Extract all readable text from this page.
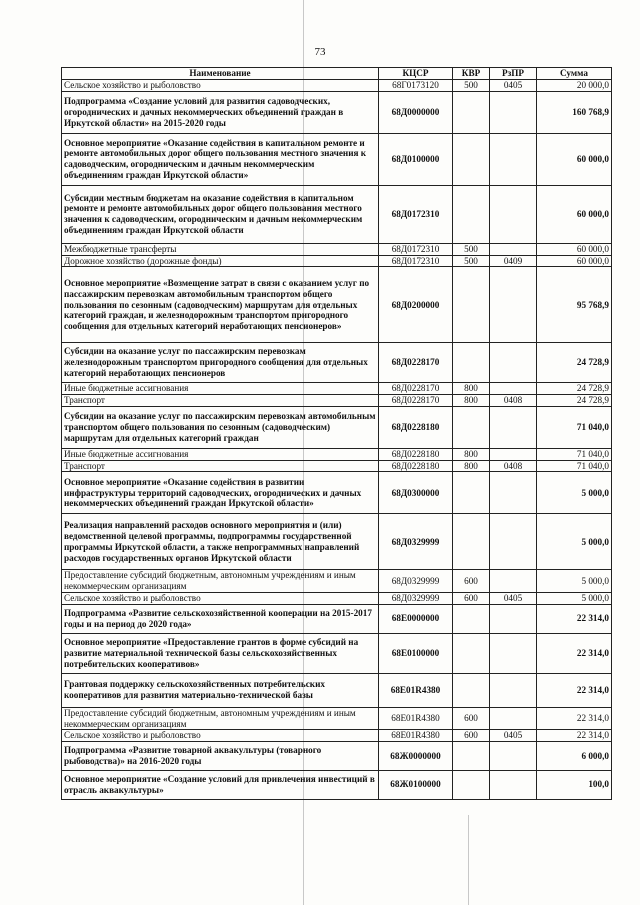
73
Наименование	КЦСР	КВР	РзПР	Сумма
Сельское хозяйство и рыболовство	68Г0173120	500	0405	20 000,0
Подпрограмма «Создание условий для развития садоводческих, огороднических и дачных некоммерческих объединений граждан в Иркутской области» на 2015-2020 годы	68Д0000000			160 768,9
Основное мероприятие «Оказание содействия в капитальном ремонте и ремонте автомобильных дорог общего пользования местного значения к садоводческим, огородническим и дачным некоммерческим объединениям граждан Иркутской области»	68Д0100000			60 000,0
Субсидии местным бюджетам на оказание содействия в капитальном ремонте и ремонте автомобильных дорог общего пользования местного значения к садоводческим, огородническим и дачным некоммерческим объединениям граждан Иркутской области	68Д0172310			60 000,0
Межбюджетные трансферты	68Д0172310	500		60 000,0
Дорожное хозяйство (дорожные фонды)	68Д0172310	500	0409	60 000,0
Основное мероприятие «Возмещение затрат в связи с оказанием услуг по пассажирским перевозкам автомобильным транспортом общего пользования по сезонным (садоводческим) маршрутам для отдельных категорий граждан, и железнодорожным транспортом пригородного сообщения для отдельных категорий неработающих пенсионеров»	68Д0200000			95 768,9
Субсидии на оказание услуг по пассажирским перевозкам железнодорожным транспортом пригородного сообщения для отдельных категорий неработающих пенсионеров	68Д0228170			24 728,9
Иные бюджетные ассигнования	68Д0228170	800		24 728,9
Транспорт	68Д0228170	800	0408	24 728,9
Субсидии на оказание услуг по пассажирским перевозкам автомобильным транспортом общего пользования по сезонным (садоводческим) маршрутам для отдельных категорий граждан	68Д0228180			71 040,0
Иные бюджетные ассигнования	68Д0228180	800		71 040,0
Транспорт	68Д0228180	800	0408	71 040,0
Основное мероприятие «Оказание содействия в развитии инфраструктуры территорий садоводческих, огороднических и дачных некоммерческих объединений граждан Иркутской области»	68Д0300000			5 000,0
Реализация направлений расходов основного мероприятия и (или) ведомственной целевой программы, подпрограммы государственной программы Иркутской области, а также непрограммных направлений расходов государственных органов Иркутской области	68Д0329999			5 000,0
Предоставление субсидий бюджетным, автономным учреждениям и иным некоммерческим организациям	68Д0329999	600		5 000,0
Сельское хозяйство и рыболовство	68Д0329999	600	0405	5 000,0
Подпрограмма «Развитие сельскохозяйственной кооперации на 2015-2017 годы и на период до 2020 года»	68Е0000000			22 314,0
Основное мероприятие «Предоставление грантов в форме субсидий на развитие материальной технической базы сельскохозяйственных потребительских кооперативов»	68Е0100000			22 314,0
Грантовая поддержку сельскохозяйственных потребительских кооперативов для развития материально-технической базы	68Е01R4380			22 314,0
Предоставление субсидий бюджетным, автономным учреждениям и иным некоммерческим организациям	68Е01R4380	600		22 314,0
Сельское хозяйство и рыболовство	68Е01R4380	600	0405	22 314,0
Подпрограмма «Развитие товарной аквакультуры (товарного рыбоводства)» на 2016-2020 годы	68Ж0000000			6 000,0
Основное мероприятие «Создание условий для привлечения инвестиций в отрасль аквакультуры»	68Ж0100000			100,0
